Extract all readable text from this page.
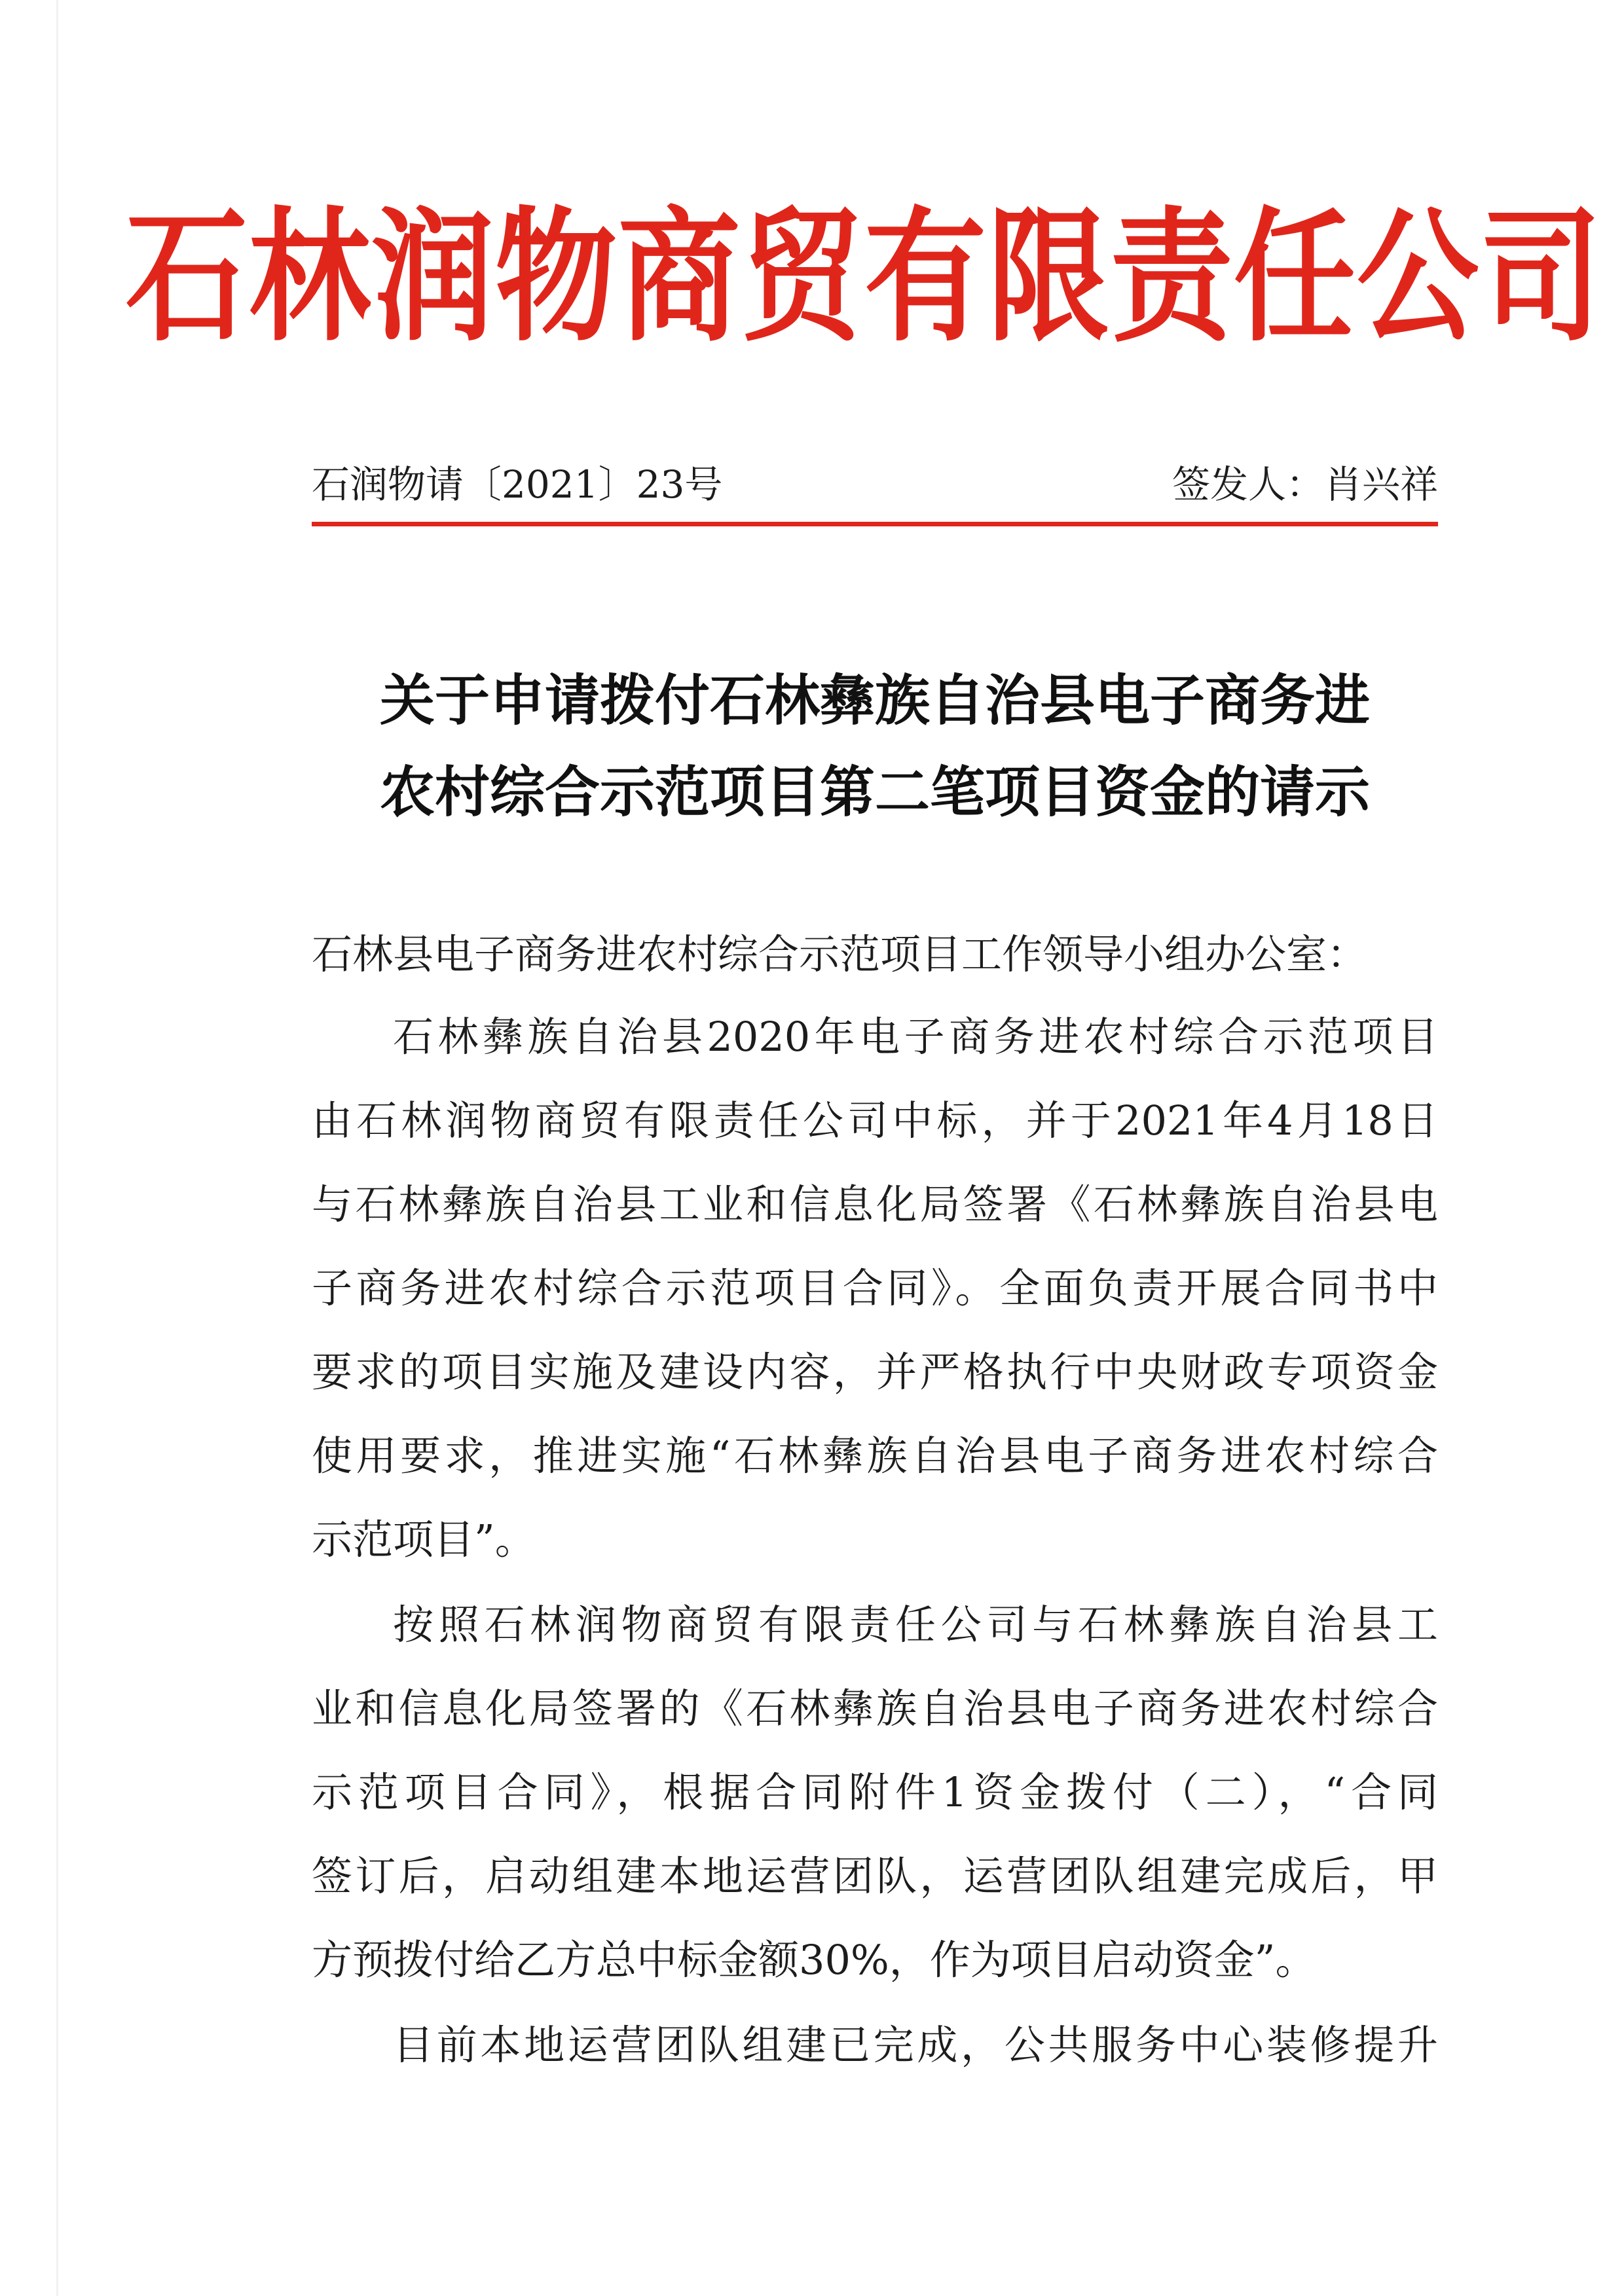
石林润物商贸有限责任公司
石润物请〔2021〕23号	签发人：肖兴祥
关于申请拨付石林彝族自治县电子商务进
农村综合示范项目第二笔项目资金的请示
石林县电子商务进农村综合示范项目工作领导小组办公室：
石林彝族自治县2020年电子商务进农村综合示范项目
由石林润物商贸有限责任公司中标，并于2021年4月18日
与石林彝族自治县工业和信息化局签署《石林彝族自治县电
子商务进农村综合示范项目合同》。全面负责开展合同书中
要求的项目实施及建设内容，并严格执行中央财政专项资金
使用要求，推进实施“石林彝族自治县电子商务进农村综合
示范项目”。
按照石林润物商贸有限责任公司与石林彝族自治县工
业和信息化局签署的《石林彝族自治县电子商务进农村综合
示范项目合同》，根据合同附件1资金拨付（二），“合同
签订后，启动组建本地运营团队，运营团队组建完成后，甲
方预拨付给乙方总中标金额30%，作为项目启动资金”。
目前本地运营团队组建已完成，公共服务中心装修提升
